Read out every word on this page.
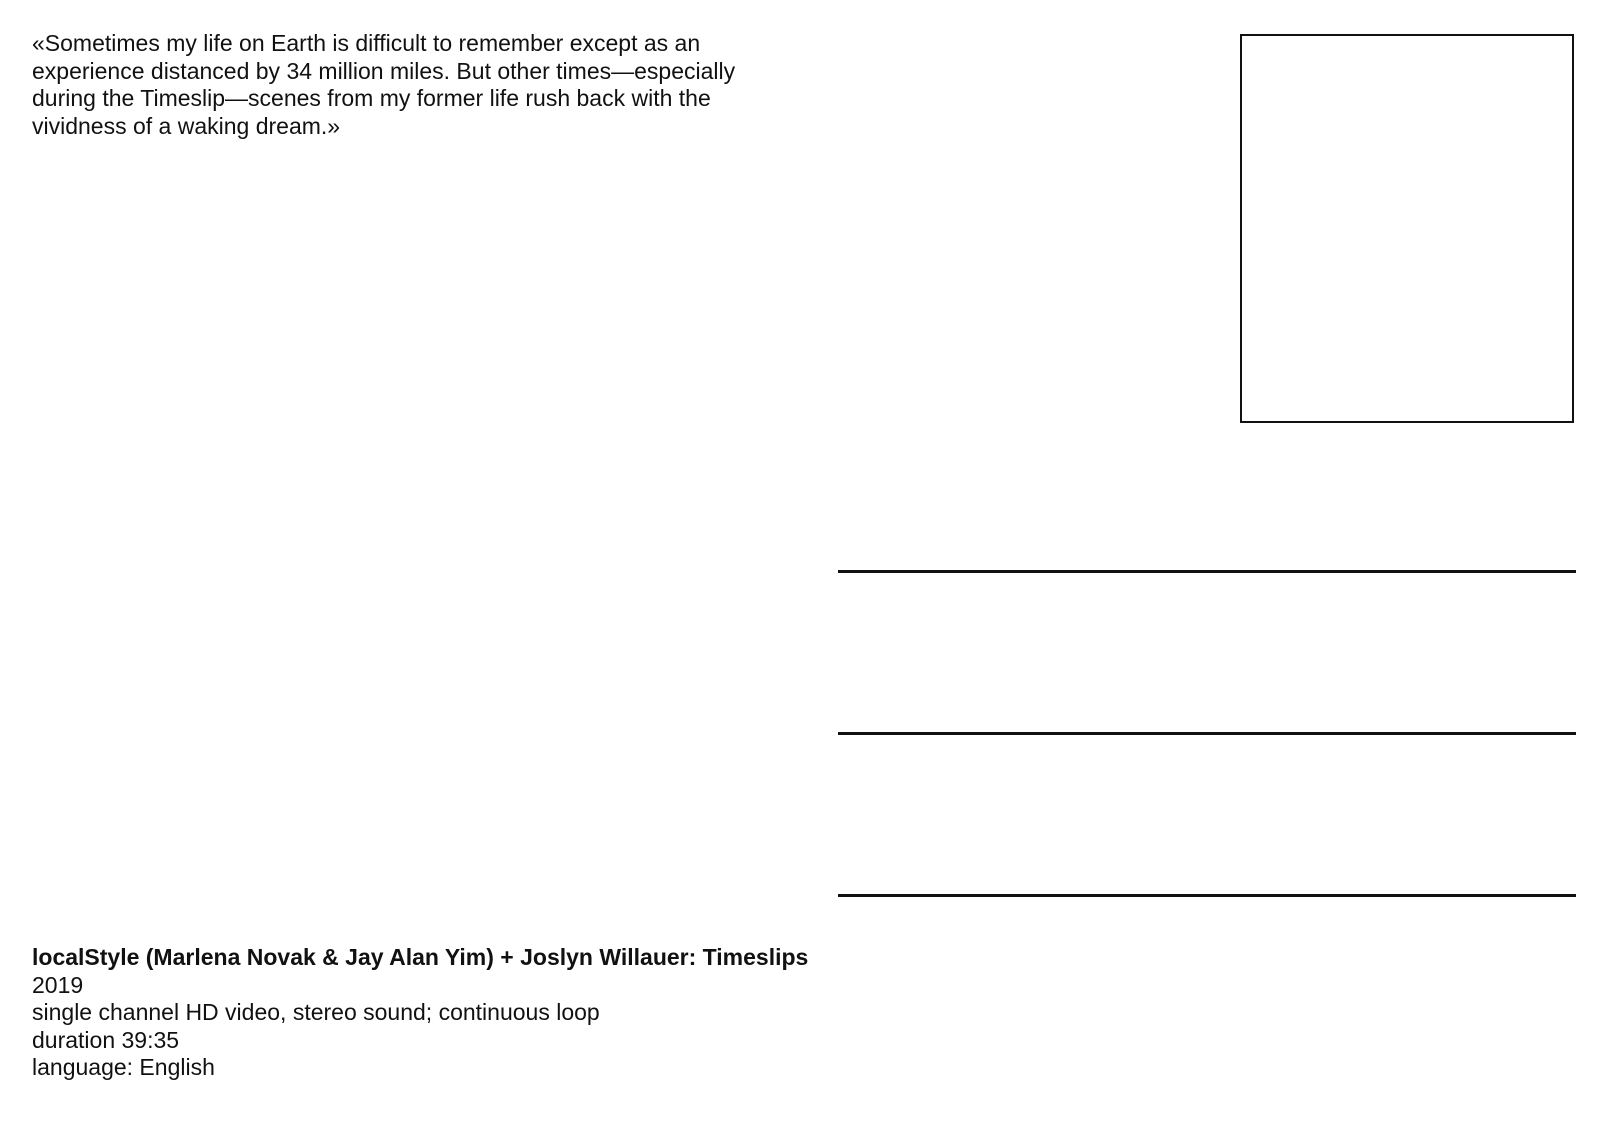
«Sometimes my life on Earth is difficult to remember except as an experience distanced by 34 million miles. But other times—especially during the Timeslip—scenes from my former life rush back with the vividness of a waking dream.»

localStyle (Marlena Novak & Jay Alan Yim) + Joslyn Willauer: Timeslips

2019

single channel HD video, stereo sound; continuous loop

duration 39:35

language: English
